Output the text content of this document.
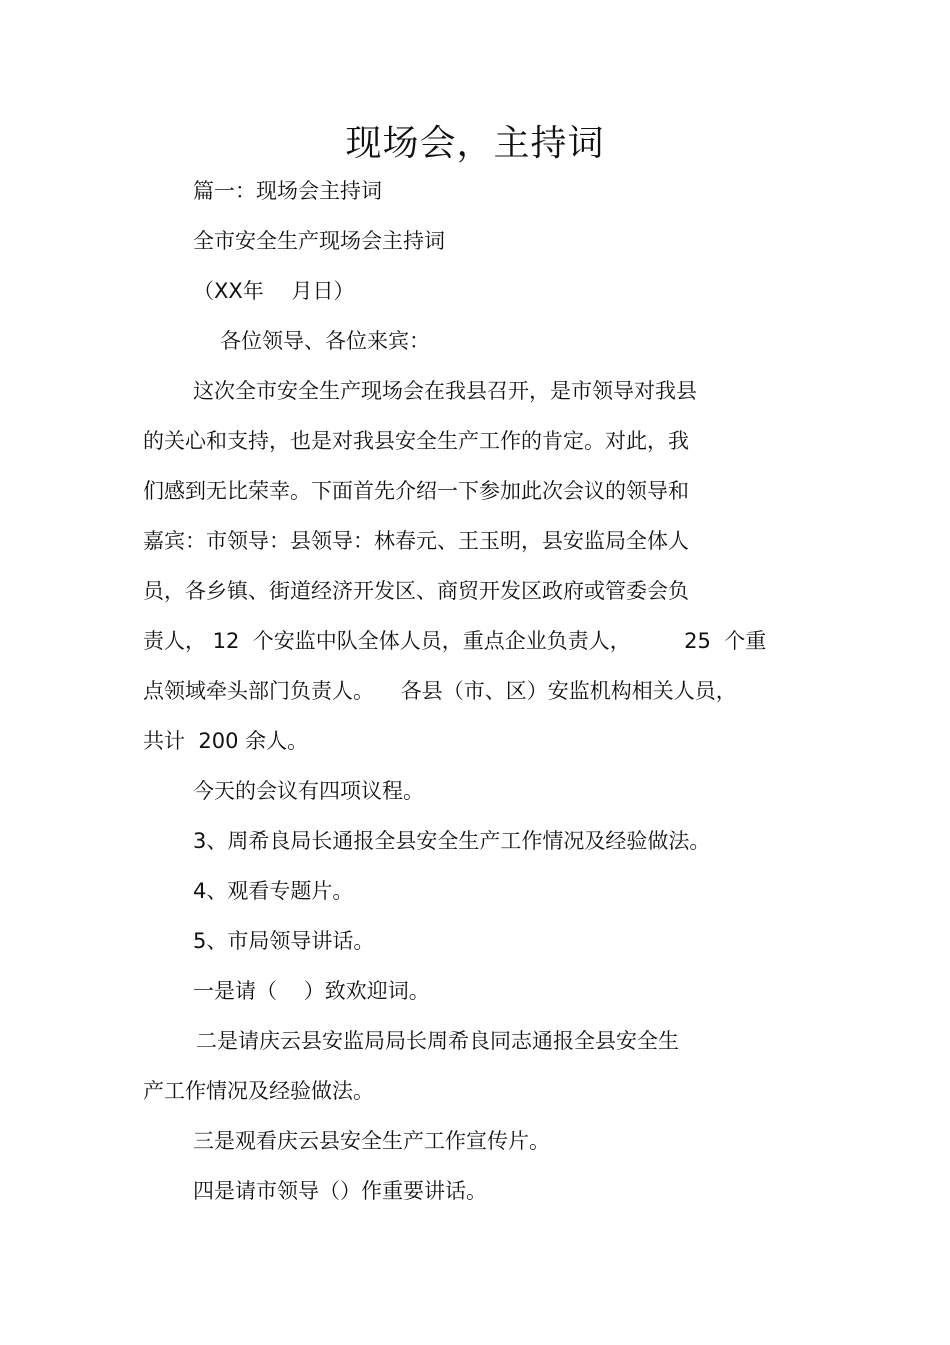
现场会，主持词
篇一：现场会主持词
全市安全生产现场会主持词
（XX年　 月日）
各位领导、各位来宾：
这次全市安全生产现场会在我县召开，是市领导对我县
的关心和支持，也是对我县安全生产工作的肯定。对此，我
们感到无比荣幸。下面首先介绍一下参加此次会议的领导和
嘉宾：市领导：县领导：林春元、王玉明，县安监局全体人
员，各乡镇、街道经济开发区、商贸开发区政府或管委会负
责人， 12  个安监中队全体人员，重点企业负责人，        25  个重
点领域牵头部门负责人。    各县（市、区）安监机构相关人员，
共计  200 余人。
今天的会议有四项议程。
3、周希良局长通报全县安全生产工作情况及经验做法。
4、观看专题片。
5、市局领导讲话。
一是请（    ）致欢迎词。
二是请庆云县安监局局长周希良同志通报全县安全生
产工作情况及经验做法。
三是观看庆云县安全生产工作宣传片。
四是请市领导（）作重要讲话。
